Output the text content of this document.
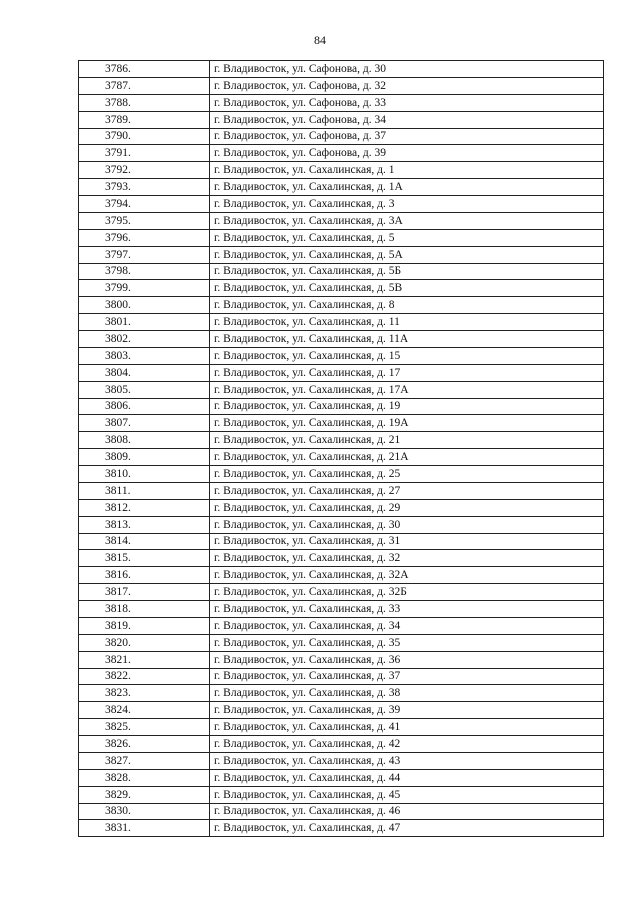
84
3786.	г. Владивосток, ул. Сафонова, д. 30
3787.	г. Владивосток, ул. Сафонова, д. 32
3788.	г. Владивосток, ул. Сафонова, д. 33
3789.	г. Владивосток, ул. Сафонова, д. 34
3790.	г. Владивосток, ул. Сафонова, д. 37
3791.	г. Владивосток, ул. Сафонова, д. 39
3792.	г. Владивосток, ул. Сахалинская, д. 1
3793.	г. Владивосток, ул. Сахалинская, д. 1А
3794.	г. Владивосток, ул. Сахалинская, д. 3
3795.	г. Владивосток, ул. Сахалинская, д. 3А
3796.	г. Владивосток, ул. Сахалинская, д. 5
3797.	г. Владивосток, ул. Сахалинская, д. 5А
3798.	г. Владивосток, ул. Сахалинская, д. 5Б
3799.	г. Владивосток, ул. Сахалинская, д. 5В
3800.	г. Владивосток, ул. Сахалинская, д. 8
3801.	г. Владивосток, ул. Сахалинская, д. 11
3802.	г. Владивосток, ул. Сахалинская, д. 11А
3803.	г. Владивосток, ул. Сахалинская, д. 15
3804.	г. Владивосток, ул. Сахалинская, д. 17
3805.	г. Владивосток, ул. Сахалинская, д. 17А
3806.	г. Владивосток, ул. Сахалинская, д. 19
3807.	г. Владивосток, ул. Сахалинская, д. 19А
3808.	г. Владивосток, ул. Сахалинская, д. 21
3809.	г. Владивосток, ул. Сахалинская, д. 21А
3810.	г. Владивосток, ул. Сахалинская, д. 25
3811.	г. Владивосток, ул. Сахалинская, д. 27
3812.	г. Владивосток, ул. Сахалинская, д. 29
3813.	г. Владивосток, ул. Сахалинская, д. 30
3814.	г. Владивосток, ул. Сахалинская, д. 31
3815.	г. Владивосток, ул. Сахалинская, д. 32
3816.	г. Владивосток, ул. Сахалинская, д. 32А
3817.	г. Владивосток, ул. Сахалинская, д. 32Б
3818.	г. Владивосток, ул. Сахалинская, д. 33
3819.	г. Владивосток, ул. Сахалинская, д. 34
3820.	г. Владивосток, ул. Сахалинская, д. 35
3821.	г. Владивосток, ул. Сахалинская, д. 36
3822.	г. Владивосток, ул. Сахалинская, д. 37
3823.	г. Владивосток, ул. Сахалинская, д. 38
3824.	г. Владивосток, ул. Сахалинская, д. 39
3825.	г. Владивосток, ул. Сахалинская, д. 41
3826.	г. Владивосток, ул. Сахалинская, д. 42
3827.	г. Владивосток, ул. Сахалинская, д. 43
3828.	г. Владивосток, ул. Сахалинская, д. 44
3829.	г. Владивосток, ул. Сахалинская, д. 45
3830.	г. Владивосток, ул. Сахалинская, д. 46
3831.	г. Владивосток, ул. Сахалинская, д. 47
